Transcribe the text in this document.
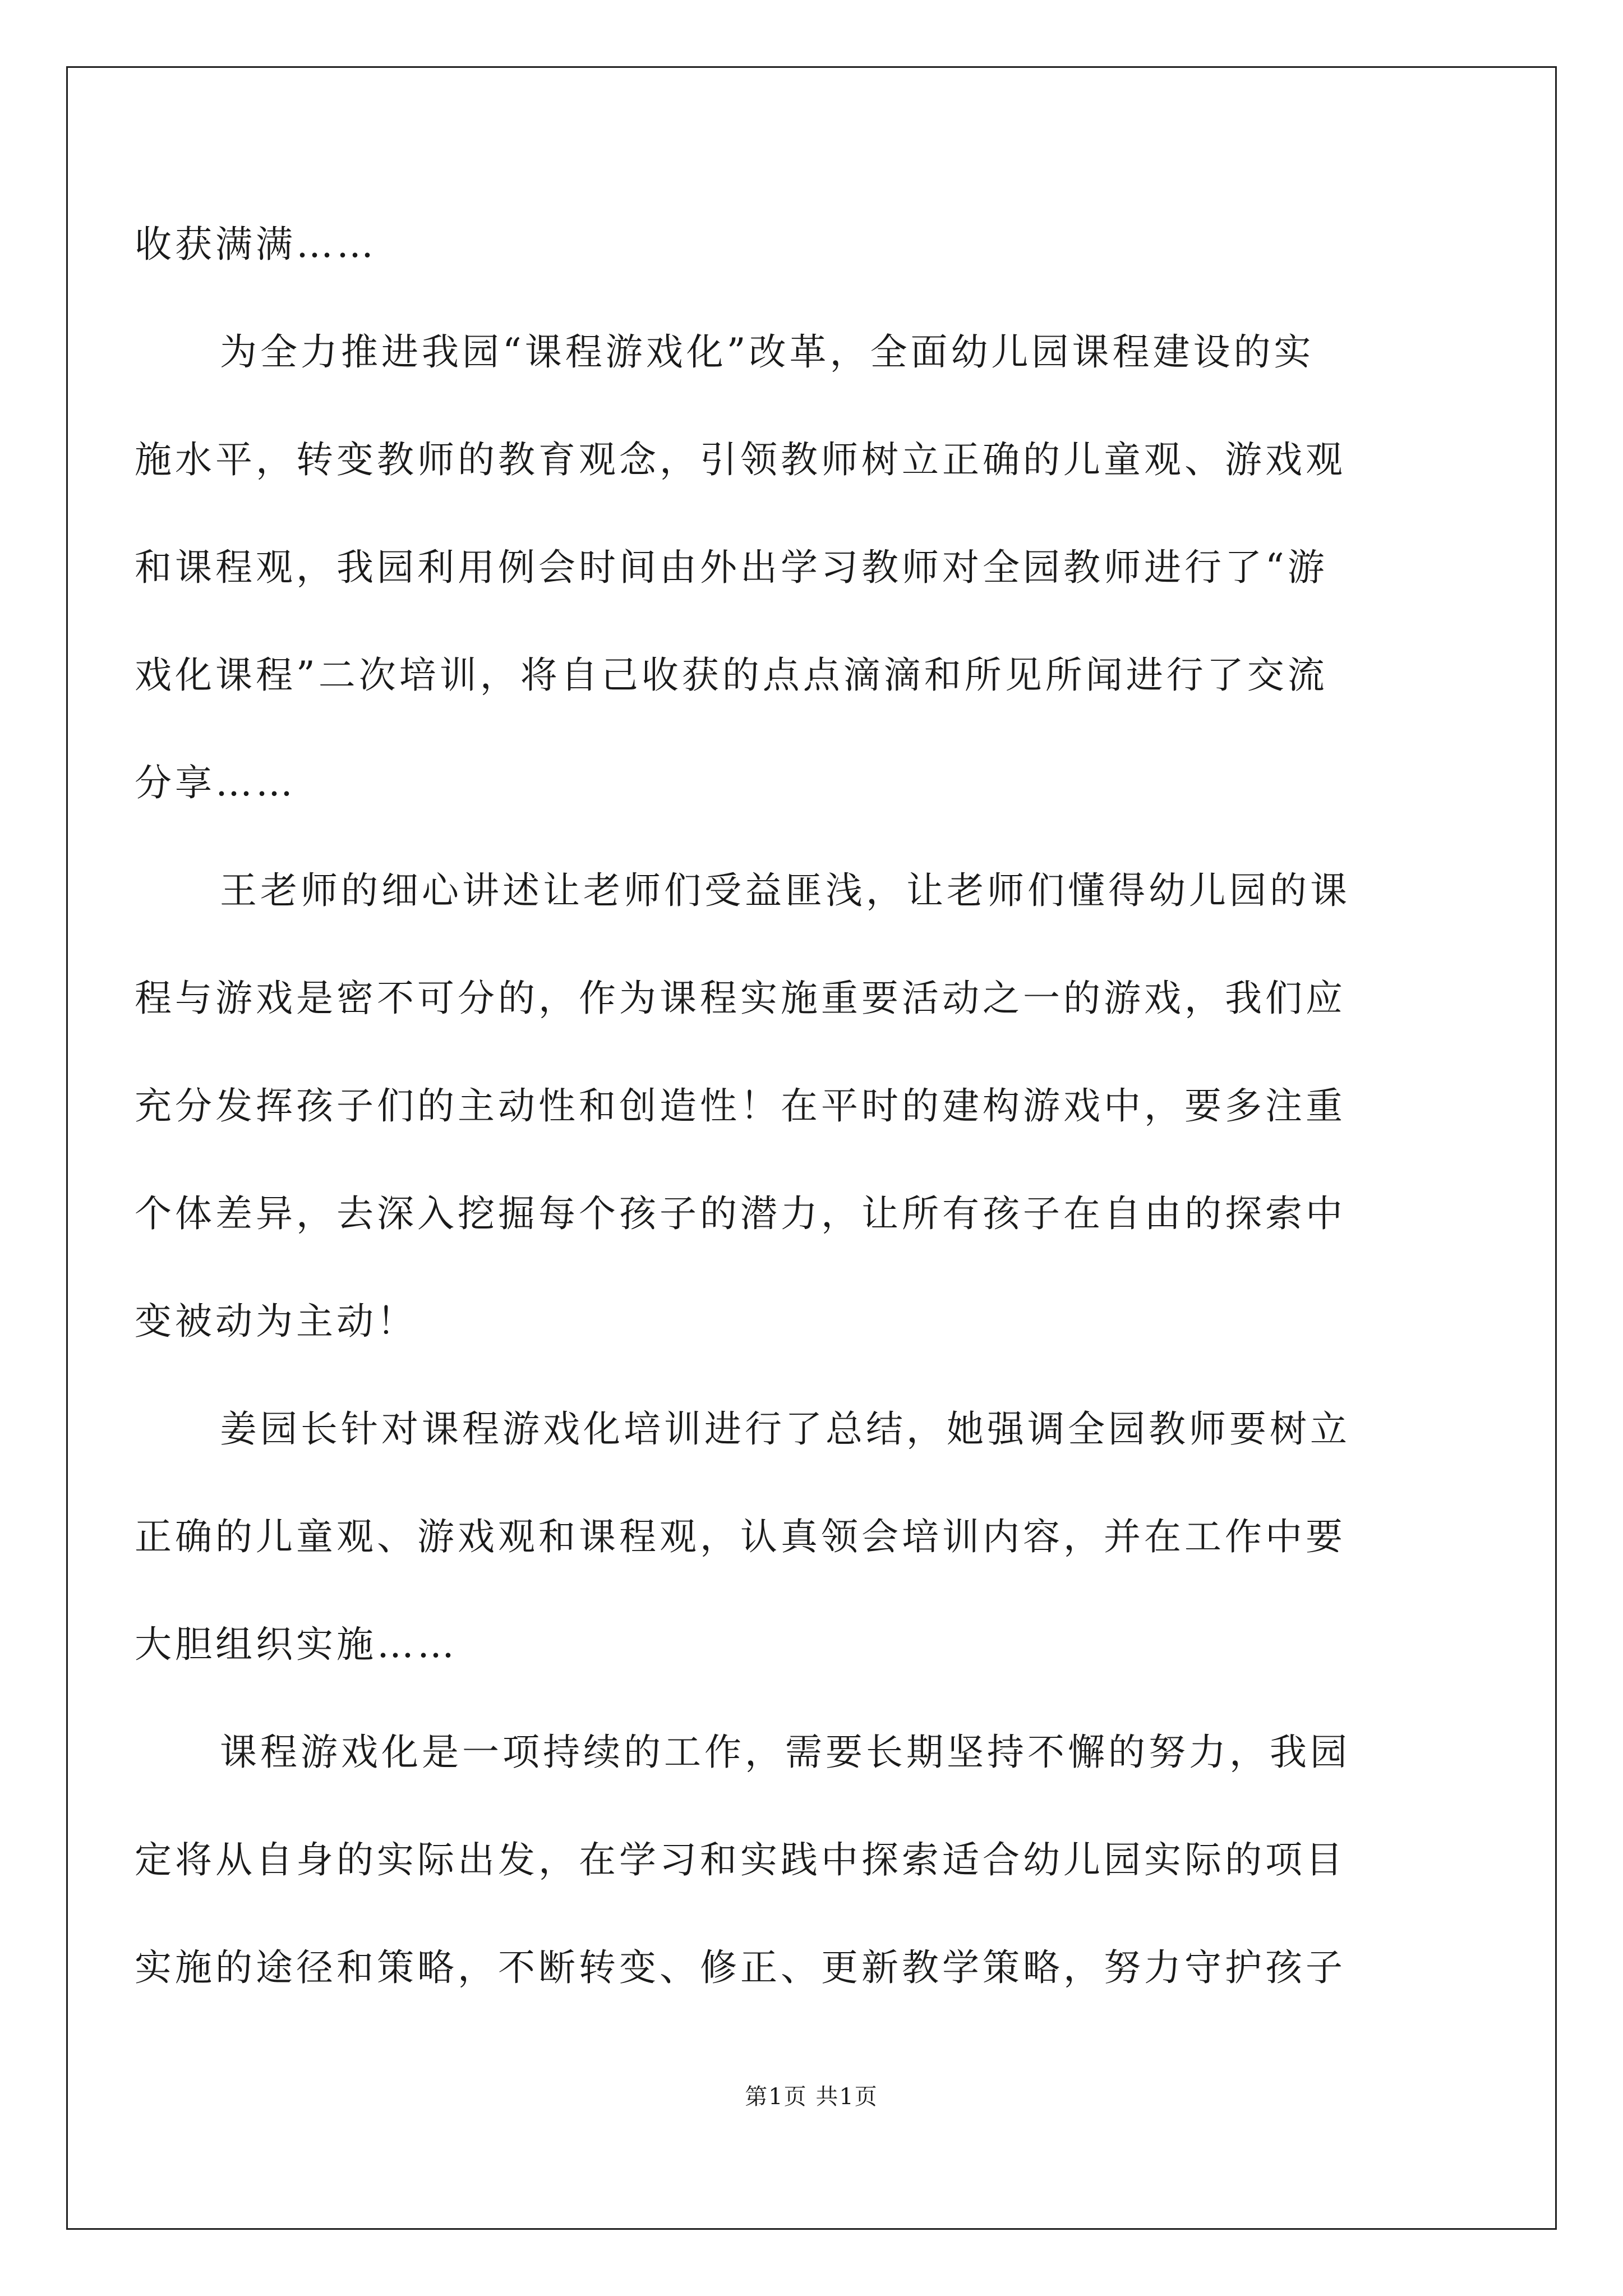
收获满满……
为全力推进我园“课程游戏化”改革，全面幼儿园课程建设的实
施水平，转变教师的教育观念，引领教师树立正确的儿童观、游戏观
和课程观，我园利用例会时间由外出学习教师对全园教师进行了“游
戏化课程”二次培训，将自己收获的点点滴滴和所见所闻进行了交流
分享……
王老师的细心讲述让老师们受益匪浅，让老师们懂得幼儿园的课
程与游戏是密不可分的，作为课程实施重要活动之一的游戏，我们应
充分发挥孩子们的主动性和创造性！在平时的建构游戏中，要多注重
个体差异，去深入挖掘每个孩子的潜力，让所有孩子在自由的探索中
变被动为主动！
姜园长针对课程游戏化培训进行了总结，她强调全园教师要树立
正确的儿童观、游戏观和课程观，认真领会培训内容，并在工作中要
大胆组织实施……
课程游戏化是一项持续的工作，需要长期坚持不懈的努力，我园
定将从自身的实际出发，在学习和实践中探索适合幼儿园实际的项目
实施的途径和策略，不断转变、修正、更新教学策略，努力守护孩子
第1页 共1页
